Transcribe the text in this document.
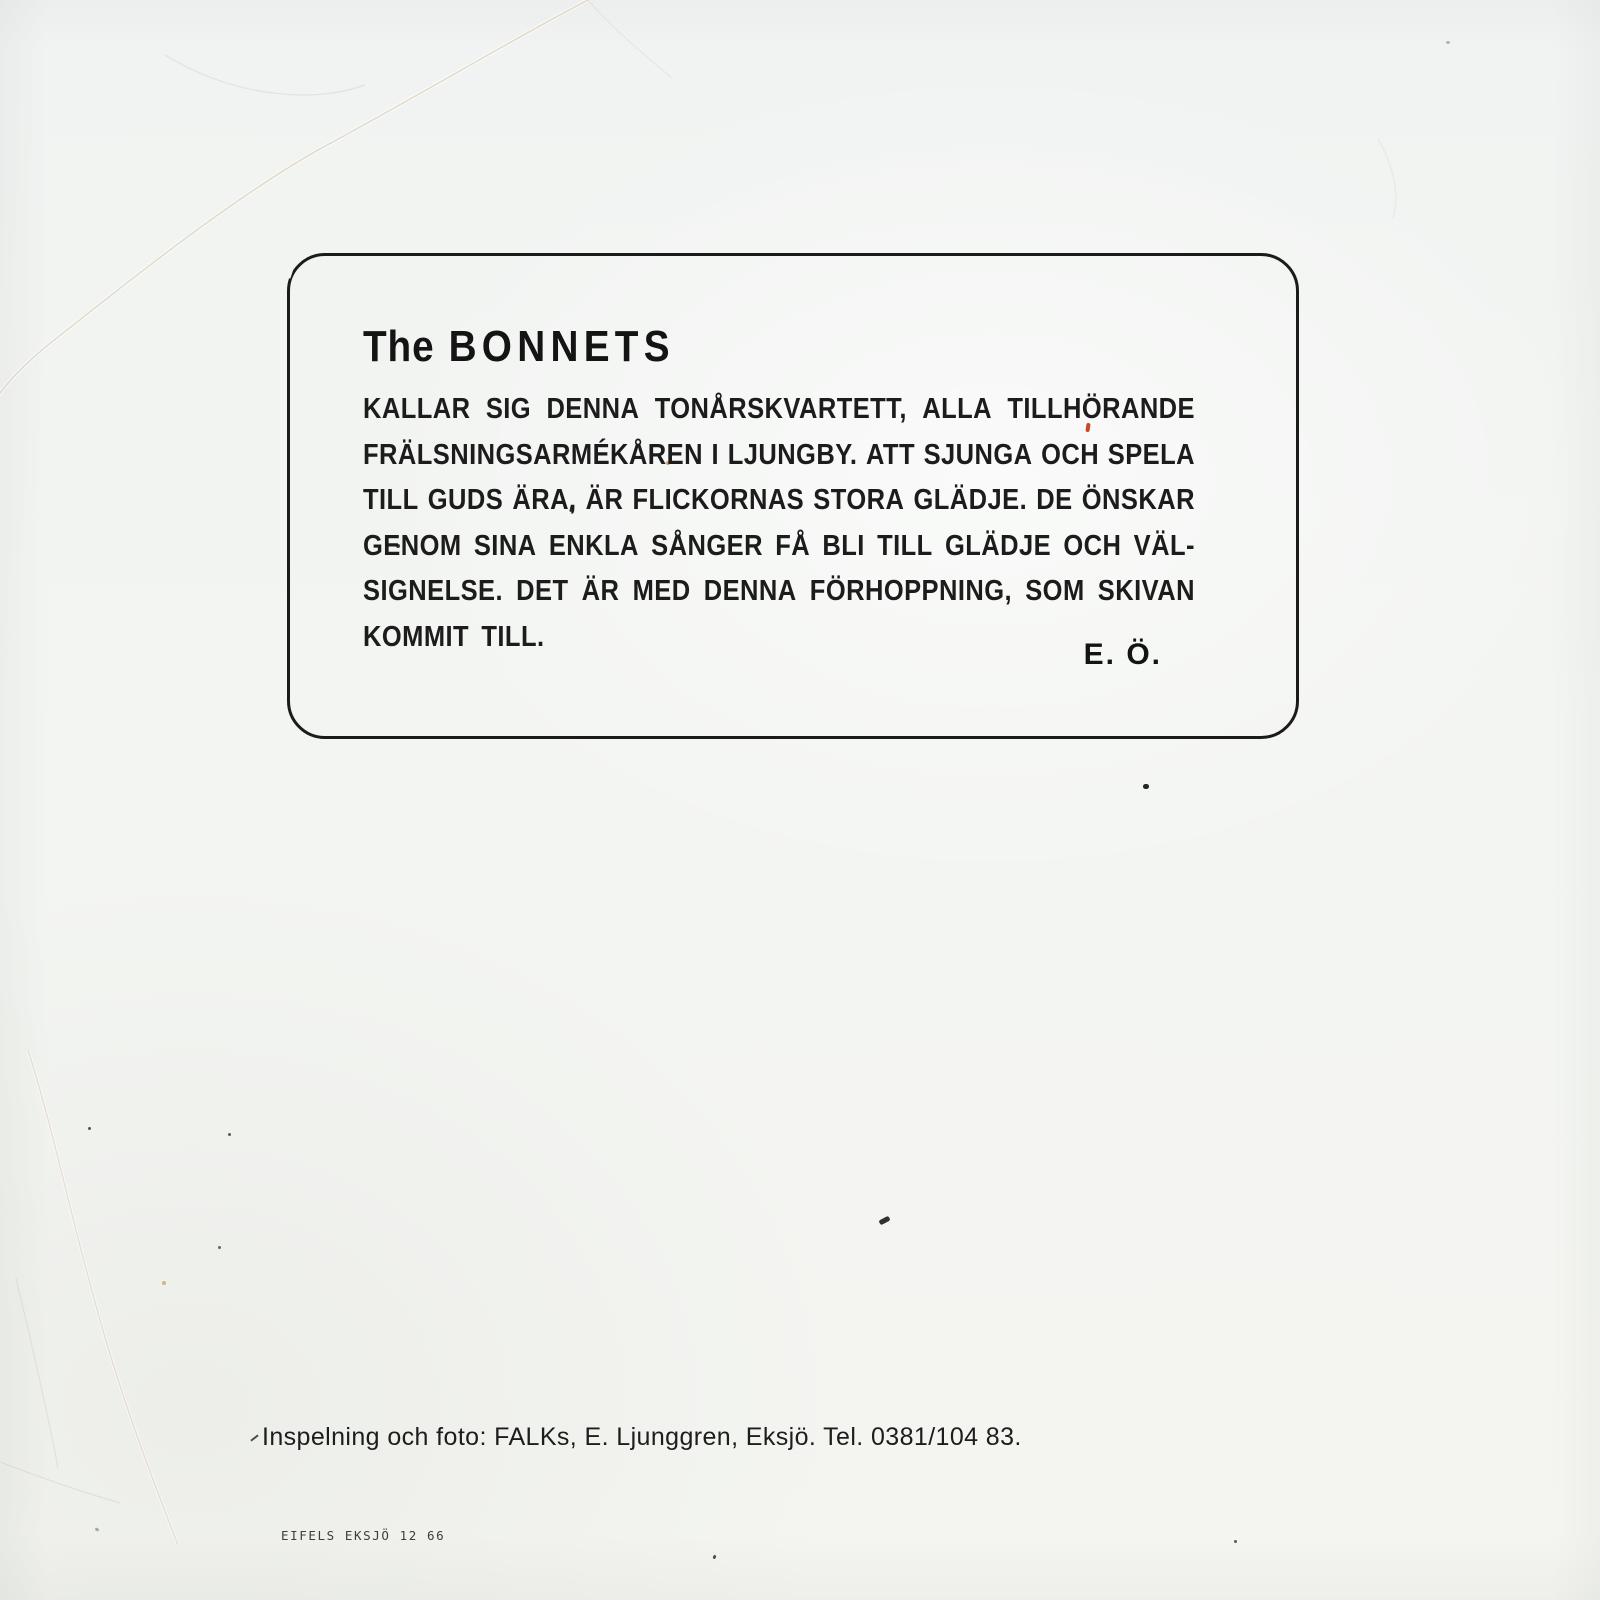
The BONNETS
KALLAR SIG DENNA TONÅRSKVARTETT, ALLA TILLHÖRANDE
FRÄLSNINGSARMÉKÅREN I LJUNGBY. ATT SJUNGA OCH SPELA
TILL GUDS ÄRA, ÄR FLICKORNAS STORA GLÄDJE. DE ÖNSKAR
GENOM SINA ENKLA SÅNGER FÅ BLI TILL GLÄDJE OCH VÄL-
SIGNELSE. DET ÄR MED DENNA FÖRHOPPNING, SOM SKIVAN
KOMMIT TILL.
E. Ö.
Inspelning och foto: FALKs, E. Ljunggren, Eksjö. Tel. 0381/104 83.
EIFELS EKSJÖ 12 66
